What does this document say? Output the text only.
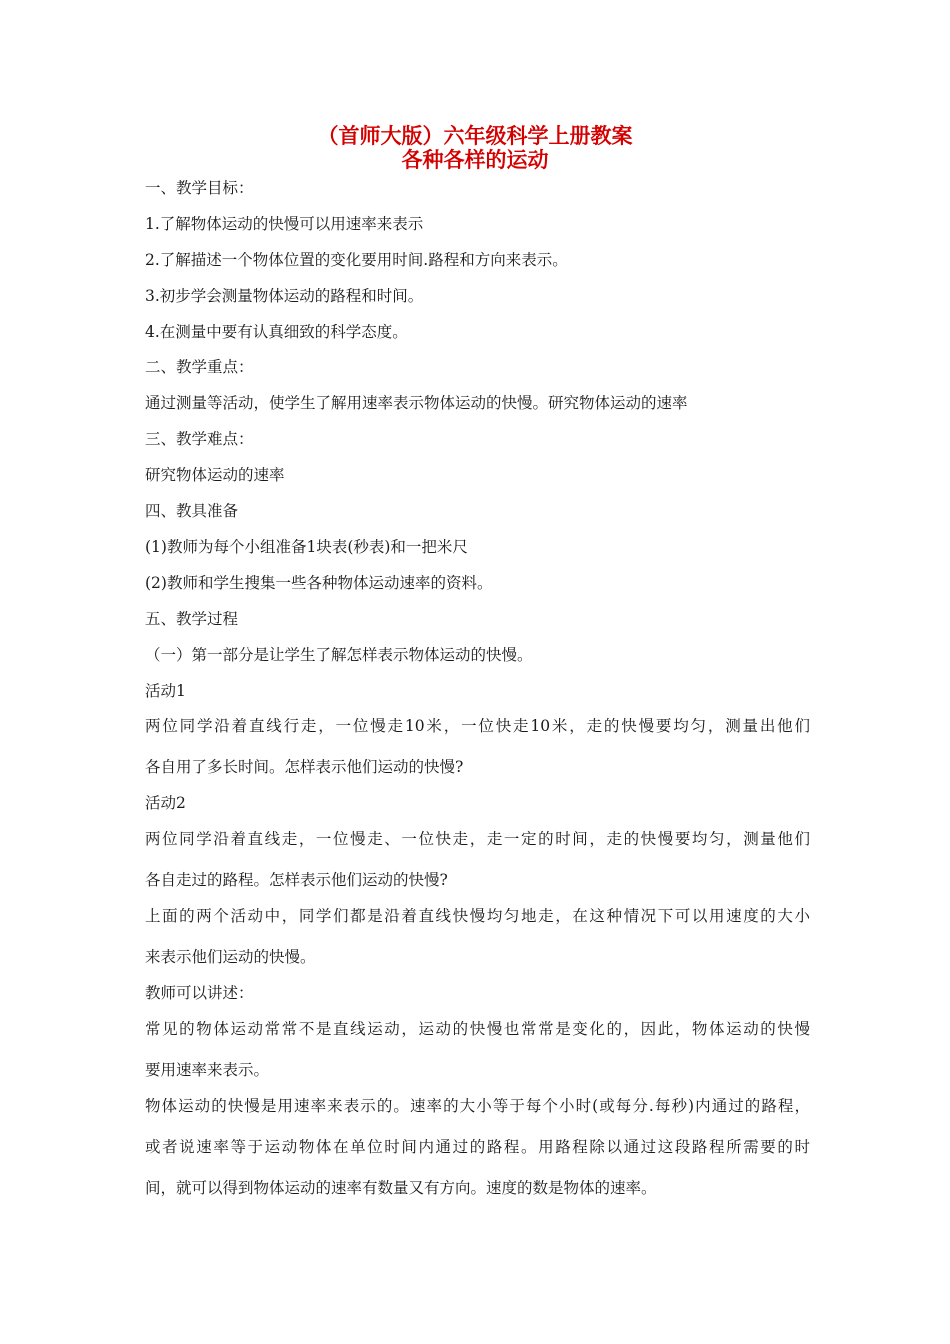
（首师大版）六年级科学上册教案
各种各样的运动

一、教学目标：

1.了解物体运动的快慢可以用速率来表示

2.了解描述一个物体位置的变化要用时间.路程和方向来表示。

3.初步学会测量物体运动的路程和时间。

4.在测量中要有认真细致的科学态度。

二、教学重点：

通过测量等活动，使学生了解用速率表示物体运动的快慢。研究物体运动的速率

三、教学难点：

研究物体运动的速率

四、教具准备

(1)教师为每个小组准备1块表(秒表)和一把米尺

(2)教师和学生搜集一些各种物体运动速率的资料。

五、教学过程

（一）第一部分是让学生了解怎样表示物体运动的快慢。

活动1

两位同学沿着直线行走，一位慢走10米，一位快走10米，走的快慢要均匀，测量出他们

各自用了多长时间。怎样表示他们运动的快慢?

活动2

两位同学沿着直线走，一位慢走、一位快走，走一定的时间，走的快慢要均匀，测量他们

各自走过的路程。怎样表示他们运动的快慢?

上面的两个活动中，同学们都是沿着直线快慢均匀地走，在这种情况下可以用速度的大小

来表示他们运动的快慢。

教师可以讲述：

常见的物体运动常常不是直线运动，运动的快慢也常常是变化的，因此，物体运动的快慢

要用速率来表示。

物体运动的快慢是用速率来表示的。速率的大小等于每个小时(或每分.每秒)内通过的路程，

或者说速率等于运动物体在单位时间内通过的路程。用路程除以通过这段路程所需要的时

间，就可以得到物体运动的速率有数量又有方向。速度的数是物体的速率。
